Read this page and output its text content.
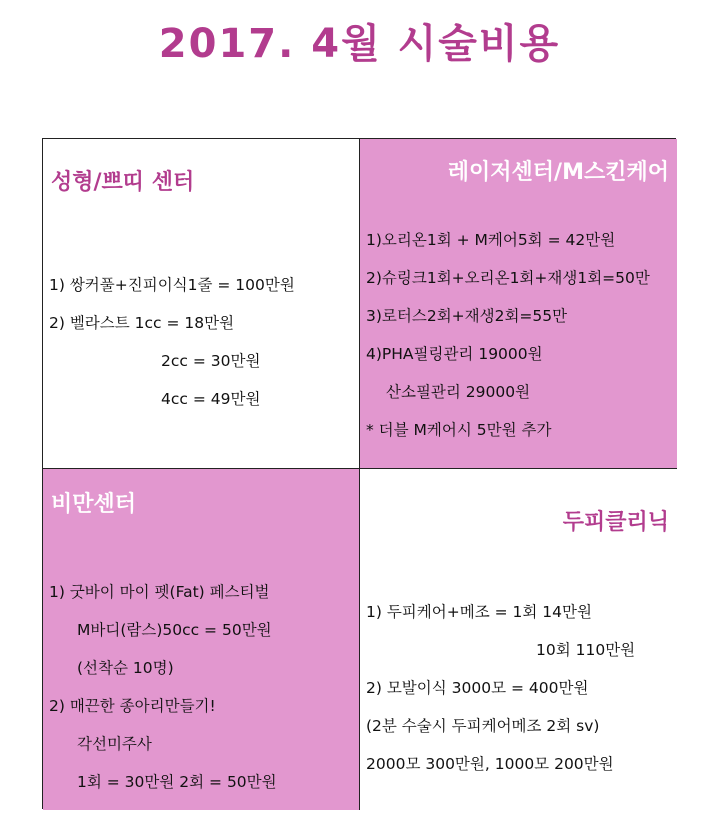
2017. 4월 시술비용
성형/쁘띠 센터
1) 쌍커풀+진피이식1줄 = 100만원
2) 벨라스트 1cc = 18만원
2cc = 30만원
4cc = 49만원
레이저센터/M스킨케어
1)오리온1회 + M케어5회 = 42만원
2)슈링크1회+오리온1회+재생1회=50만
3)로터스2회+재생2회=55만
4)PHA필링관리 19000원
산소필관리 29000원
* 더블 M케어시 5만원 추가
비만센터
1) 굿바이 마이 펫(Fat) 페스티벌
M바디(람스)50cc = 50만원
(선착순 10명)
2) 매끈한 종아리만들기!
각선미주사
1회 = 30만원 2회 = 50만원
두피클리닉
1) 두피케어+메조 = 1회 14만원
10회 110만원
2) 모발이식 3000모 = 400만원
(2분 수술시 두피케어메조 2회 sv)
2000모 300만원, 1000모 200만원
